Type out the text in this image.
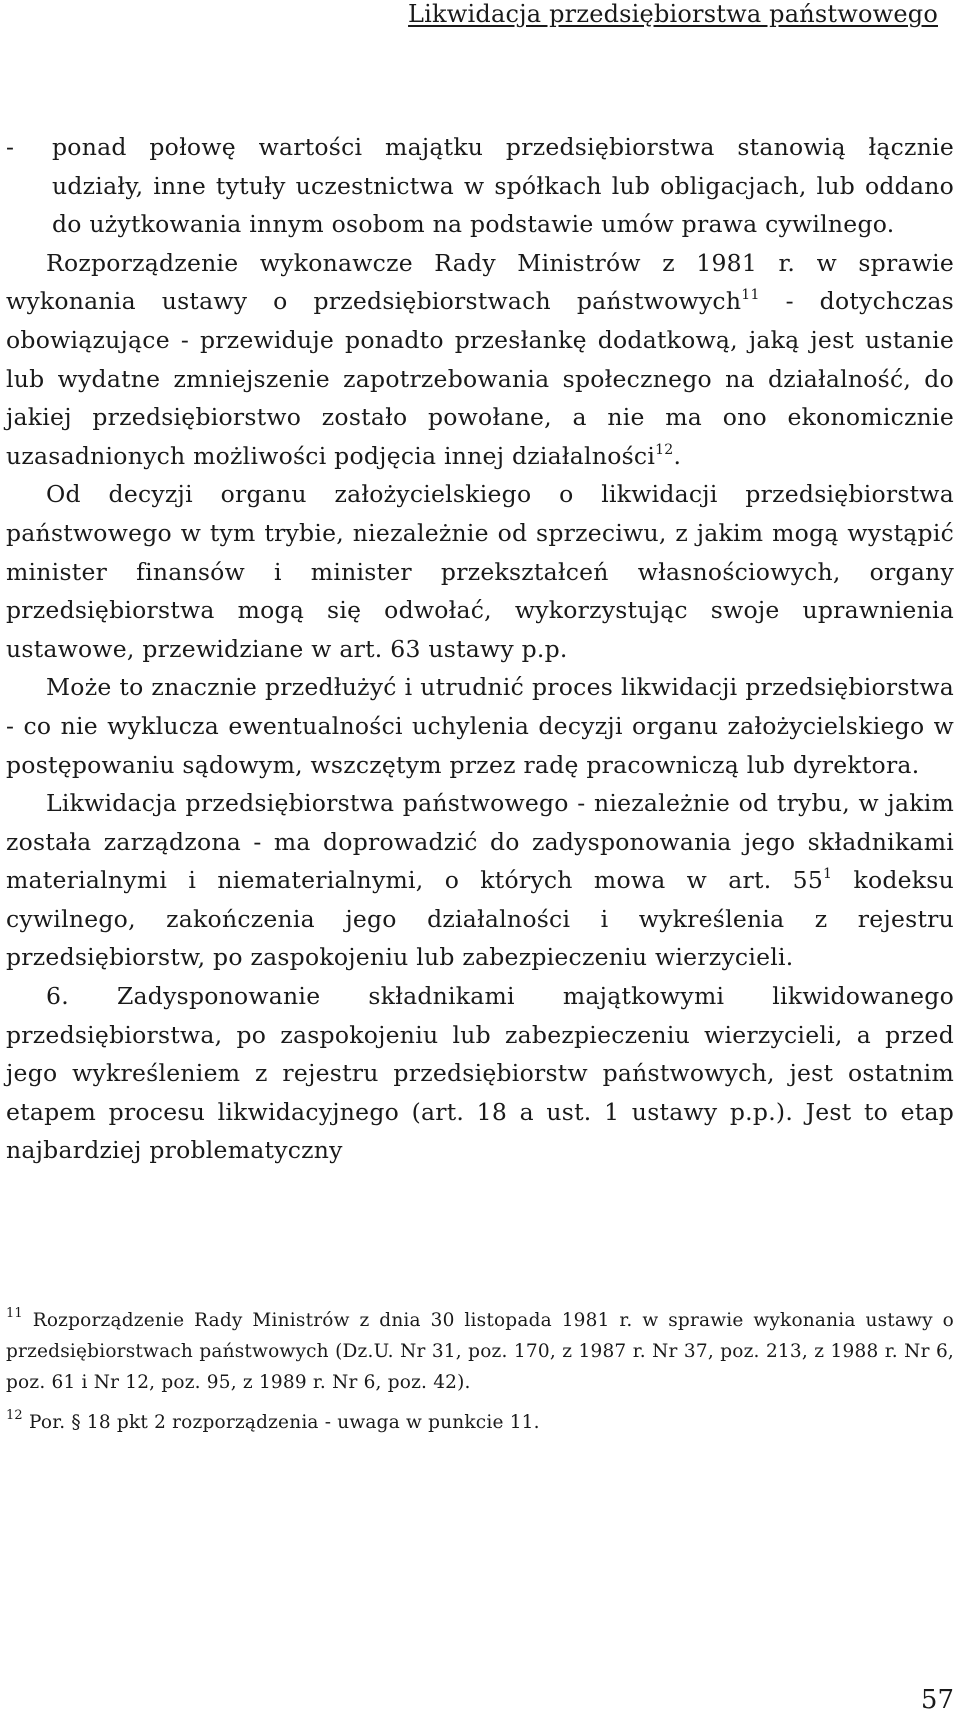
Likwidacja przedsiębiorstwa państwowego

- ponad połowę wartości majątku przedsiębiorstwa stanowią łącznie udziały, inne tytuły uczestnictwa w spółkach lub obligacjach, lub oddano do użytkowania innym osobom na podstawie umów prawa cywilnego.

Rozporządzenie wykonawcze Rady Ministrów z 1981 r. w sprawie wykonania ustawy o przedsiębiorstwach państwowych$^{11}$ - dotychczas obowiązujące - przewiduje ponadto przesłankę dodatkową, jaką jest ustanie lub wydatne zmniejszenie zapotrzebowania społecznego na działalność, do jakiej przedsiębiorstwo zostało powołane, a nie ma ono ekonomicznie uzasadnionych możliwości podjęcia innej działalności$^{12}$.

Od decyzji organu założycielskiego o likwidacji przedsiębiorstwa państwowego w tym trybie, niezależnie od sprzeciwu, z jakim mogą wystąpić minister finansów i minister przekształceń własnościowych, organy przedsiębiorstwa mogą się odwołać, wykorzystując swoje uprawnienia ustawowe, przewidziane w art. 63 ustawy p.p.

Może to znacznie przedłużyć i utrudnić proces likwidacji przedsiębiorstwa - co nie wyklucza ewentualności uchylenia decyzji organu założycielskiego w postępowaniu sądowym, wszczętym przez radę pracowniczą lub dyrektora.

Likwidacja przedsiębiorstwa państwowego - niezależnie od trybu, w jakim została zarządzona - ma doprowadzić do zadysponowania jego składnikami materialnymi i niematerialnymi, o których mowa w art. $55^1$ kodeksu cywilnego, zakończenia jego działalności i wykreślenia z rejestru przedsiębiorstw, po zaspokojeniu lub zabezpieczeniu wierzycieli.

6. Zadysponowanie składnikami majątkowymi likwidowanego przedsiębiorstwa, po zaspokojeniu lub zabezpieczeniu wierzycieli, a przed jego wykreśleniem z rejestru przedsiębiorstw państwowych, jest ostatnim etapem procesu likwidacyjnego (art. 18 a ust. 1 ustawy p.p.). Jest to etap najbardziej problematyczny

$^{11}$ Rozporządzenie Rady Ministrów z dnia 30 listopada 1981 r. w sprawie wykonania ustawy o przedsiębiorstwach państwowych (Dz.U. Nr 31, poz. 170, z 1987 r. Nr 37, poz. 213, z 1988 r. Nr 6, poz. 61 i Nr 12, poz. 95, z 1989 r. Nr 6, poz. 42).

$^{12}$ Por. § 18 pkt 2 rozporządzenia - uwaga w punkcie 11.

57
